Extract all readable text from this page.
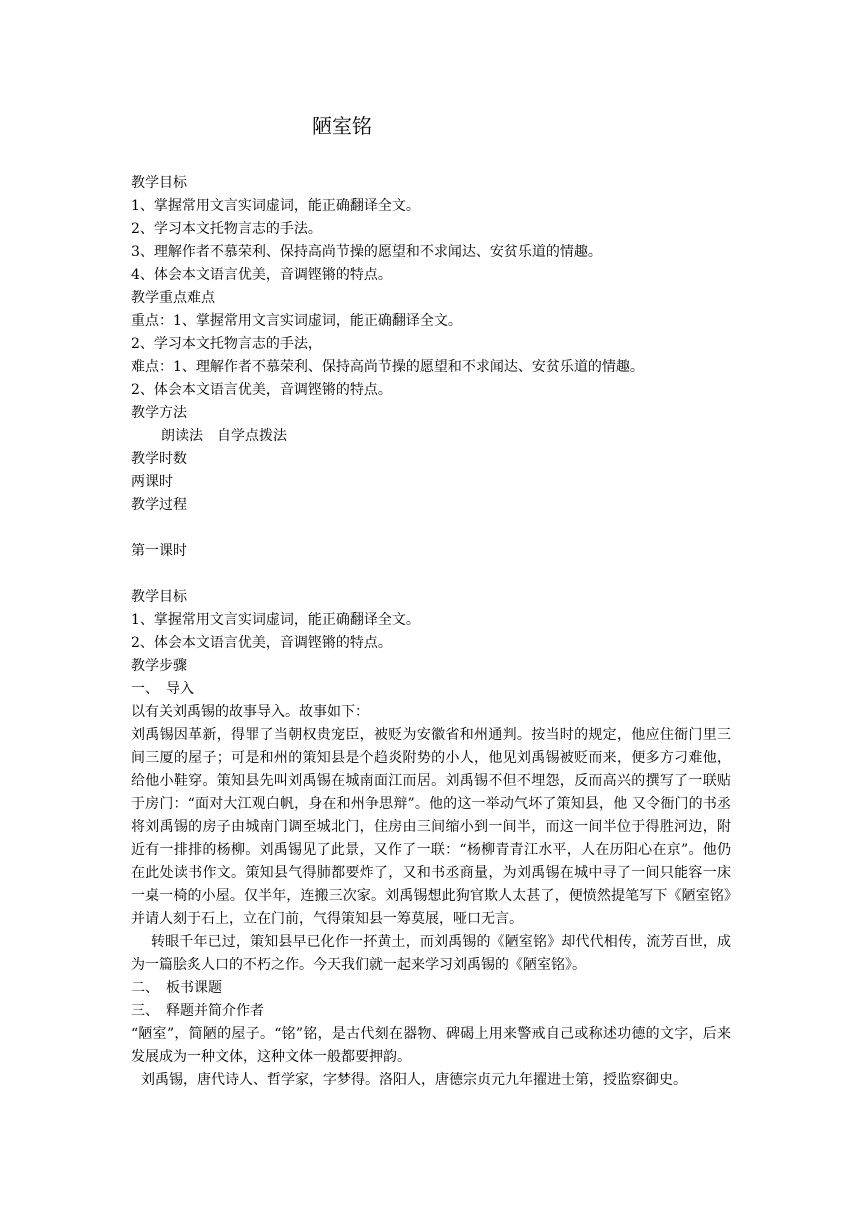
陋室铭
教学目标
1、掌握常用文言实词虚词，能正确翻译全文。
2、学习本文托物言志的手法。
3、理解作者不慕荣利、保持高尚节操的愿望和不求闻达、安贫乐道的情趣。
4、体会本文语言优美，音调铿锵的特点。
教学重点难点
重点：1、掌握常用文言实词虚词，能正确翻译全文。
2、学习本文托物言志的手法，
难点：1、理解作者不慕荣利、保持高尚节操的愿望和不求闻达、安贫乐道的情趣。
2、体会本文语言优美，音调铿锵的特点。
教学方法
朗读法　自学点拨法
教学时数
两课时
教学过程
第一课时
教学目标
1、掌握常用文言实词虚词，能正确翻译全文。
2、体会本文语言优美，音调铿锵的特点。
教学步骤
一、　导入
以有关刘禹锡的故事导入。故事如下：

刘禹锡因革新，得罪了当朝权贵宠臣，被贬为安徽省和州通判。按当时的规定，他应住衙门里三间三厦的屋子；可是和州的策知县是个趋炎附势的小人，他见刘禹锡被贬而来，便多方刁难他，给他小鞋穿。策知县先叫刘禹锡在城南面江而居。刘禹锡不但不埋怨，反而高兴的撰写了一联贴于房门：“面对大江观白帆，身在和州争思辩”。他的这一举动气坏了策知县，他 又令衙门的书丞将刘禹锡的房子由城南门调至城北门，住房由三间缩小到一间半，而这一间半位于得胜河边，附近有一排排的杨柳。刘禹锡见了此景，又作了一联：“杨柳青青江水平，人在历阳心在京”。他仍在此处读书作文。策知县气得肺都要炸了，又和书丞商量，为刘禹锡在城中寻了一间只能容一床一桌一椅的小屋。仅半年，连搬三次家。刘禹锡想此狗官欺人太甚了，便愤然提笔写下《陋室铭》并请人刻于石上，立在门前，气得策知县一筹莫展，哑口无言。

转眼千年已过，策知县早已化作一抔黄土，而刘禹锡的《陋室铭》却代代相传，流芳百世，成为一篇脍炙人口的不朽之作。今天我们就一起来学习刘禹锡的《陋室铭》。

二、　板书课题
三、　释题并简介作者

“陋室”，简陋的屋子。“铭”铭，是古代刻在器物、碑碣上用来警戒自己或称述功德的文字，后来发展成为一种文体，这种文体一般都要押韵。

刘禹锡，唐代诗人、哲学家，字梦得。洛阳人，唐德宗贞元九年擢进士第，授监察御史。
